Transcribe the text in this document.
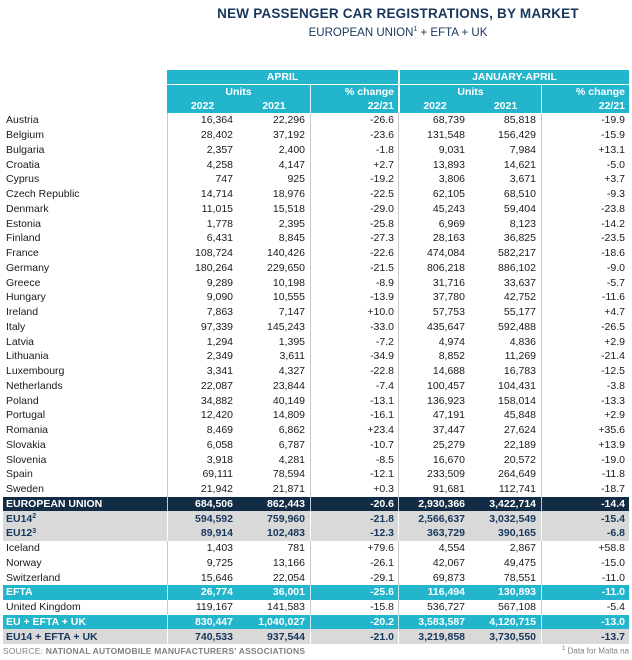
NEW PASSENGER CAR REGISTRATIONS, BY MARKET
EUROPEAN $UNION^1$ + EFTA + UK
APRIL	JANUARY-APRIL
Units	% change	Units	% change
2022	2021	22/21	2022	2021	22/21
Austria	16,364	22,296	-26.6	68,739	85,818	-19.9
Belgium	28,402	37,192	-23.6	131,548	156,429	-15.9
Bulgaria	2,357	2,400	-1.8	9,031	7,984	+13.1
Croatia	4,258	4,147	+2.7	13,893	14,621	-5.0
Cyprus	747	925	-19.2	3,806	3,671	+3.7
Czech Republic	14,714	18,976	-22.5	62,105	68,510	-9.3
Denmark	11,015	15,518	-29.0	45,243	59,404	-23.8
Estonia	1,778	2,395	-25.8	6,969	8,123	-14.2
Finland	6,431	8,845	-27.3	28,163	36,825	-23.5
France	108,724	140,426	-22.6	474,084	582,217	-18.6
Germany	180,264	229,650	-21.5	806,218	886,102	-9.0
Greece	9,289	10,198	-8.9	31,716	33,637	-5.7
Hungary	9,090	10,555	-13.9	37,780	42,752	-11.6
Ireland	7,863	7,147	+10.0	57,753	55,177	+4.7
Italy	97,339	145,243	-33.0	435,647	592,488	-26.5
Latvia	1,294	1,395	-7.2	4,974	4,836	+2.9
Lithuania	2,349	3,611	-34.9	8,852	11,269	-21.4
Luxembourg	3,341	4,327	-22.8	14,688	16,783	-12.5
Netherlands	22,087	23,844	-7.4	100,457	104,431	-3.8
Poland	34,882	40,149	-13.1	136,923	158,014	-13.3
Portugal	12,420	14,809	-16.1	47,191	45,848	+2.9
Romania	8,469	6,862	+23.4	37,447	27,624	+35.6
Slovakia	6,058	6,787	-10.7	25,279	22,189	+13.9
Slovenia	3,918	4,281	-8.5	16,670	20,572	-19.0
Spain	69,111	78,594	-12.1	233,509	264,649	-11.8
Sweden	21,942	21,871	+0.3	91,681	112,741	-18.7
EUROPEAN UNION	684,506	862,443	-20.6	2,930,366	3,422,714	-14.4
EU14 2	594,592	759,960	-21.8	2,566,637	3,032,549	-15.4
EU12 3	89,914	102,483	-12.3	363,729	390,165	-6.8
Iceland	1,403	781	+79.6	4,554	2,867	+58.8
Norway	9,725	13,166	-26.1	42,067	49,475	-15.0
Switzerland	15,646	22,054	-29.1	69,873	78,551	-11.0
EFTA	26,774	36,001	-25.6	116,494	130,893	-11.0
United Kingdom	119,167	141,583	-15.8	536,727	567,108	-5.4
EU + EFTA + UK	830,447	1,040,027	-20.2	3,583,587	4,120,715	-13.0
EU14 + EFTA + UK	740,533	937,544	-21.0	3,219,858	3,730,550	-13.7
SOURCE: NATIONAL AUTOMOBILE MANUFACTURERS' ASSOCIATIONS	$^1$ Data for Malta na
